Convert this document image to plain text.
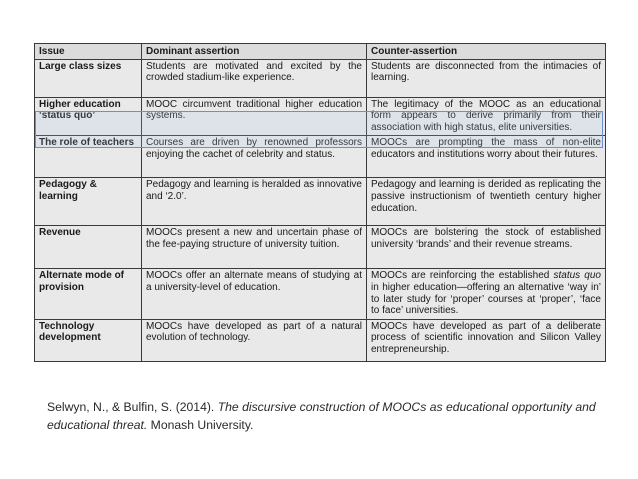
Issue	Dominant assertion	Counter-assertion
Large class sizes	Students are motivated and excited by the crowded stadium-like experience.	Students are disconnected from the intimacies of learning.
Higher education ‘status quo’	MOOC circumvent traditional higher education systems.	The legitimacy of the MOOC as an educational form appears to derive primarily from their association with high status, elite universities.
The role of teachers	Courses are driven by renowned professors enjoying the cachet of celebrity and status.	MOOCs are prompting the mass of non-elite educators and institutions worry about their futures.
Pedagogy & learning	Pedagogy and learning is heralded as innovative and ‘2.0’.	Pedagogy and learning is derided as replicating the passive instructionism of twentieth century higher education.
Revenue	MOOCs present a new and uncertain phase of the fee-paying structure of university tuition.	MOOCs are bolstering the stock of established university ‘brands’ and their revenue streams.
Alternate mode of provision	MOOCs offer an alternate means of studying at a university-level of education.	MOOCs are reinforcing the established status quo in higher education—offering an alternative ‘way in’ to later study for ‘proper’ courses at ‘proper’, ‘face to face’ universities.
Technology development	MOOCs have developed as part of a natural evolution of technology.	MOOCs have developed as part of a deliberate process of scientific innovation and Silicon Valley entrepreneurship.
Selwyn, N., & Bulfin, S. (2014). The discursive construction of MOOCs as educational opportunity and educational threat. Monash University.
